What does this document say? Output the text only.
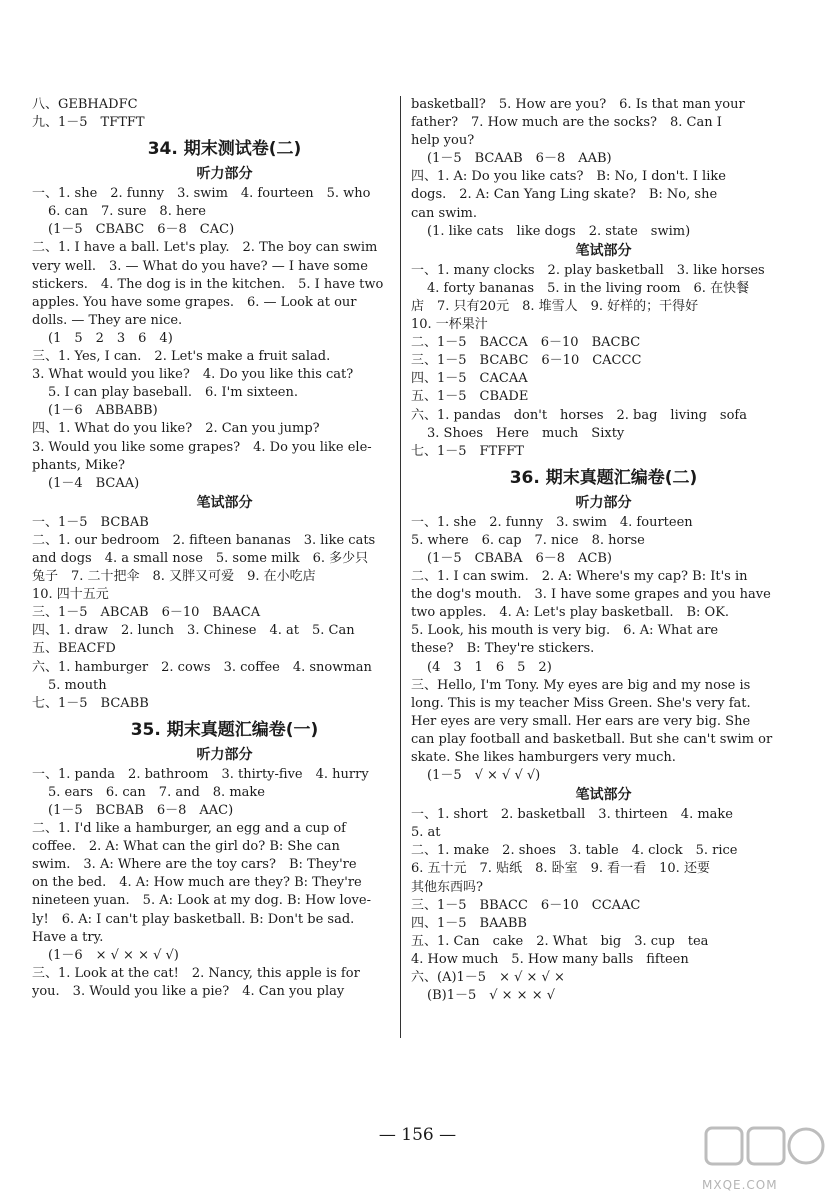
八、GEBHADFC
九、1－5　TFTFT
34. 期末测试卷(二)
听力部分
一、1. she　2. funny　3. swim　4. fourteen　5. who
6. can　7. sure　8. here
(1－5　CBABC　6－8　CAC)
二、1. I have a ball. Let's play.　2. The boy can swim
very well.　3. — What do you have? — I have some
stickers.　4. The dog is in the kitchen.　5. I have two
apples. You have some grapes.　6. — Look at our
dolls. — They are nice.
(1　5　2　3　6　4)
三、1. Yes, I can.　2. Let's make a fruit salad.
3. What would you like?　4. Do you like this cat?
5. I can play baseball.　6. I'm sixteen.
(1－6　ABBABB)
四、1. What do you like?　2. Can you jump?
3. Would you like some grapes?　4. Do you like ele-
phants, Mike?
(1－4　BCAA)
笔试部分
一、1－5　BCBAB
二、1. our bedroom　2. fifteen bananas　3. like cats
and dogs　4. a small nose　5. some milk　6. 多少只
兔子　7. 二十把伞　8. 又胖又可爱　9. 在小吃店
10. 四十五元
三、1－5　ABCAB　6－10　BAACA
四、1. draw　2. lunch　3. Chinese　4. at　5. Can
五、BEACFD
六、1. hamburger　2. cows　3. coffee　4. snowman
5. mouth
七、1－5　BCABB
35. 期末真题汇编卷(一)
听力部分
一、1. panda　2. bathroom　3. thirty-five　4. hurry
5. ears　6. can　7. and　8. make
(1－5　BCBAB　6－8　AAC)
二、1. I'd like a hamburger, an egg and a cup of
coffee.　2. A: What can the girl do? B: She can
swim.　3. A: Where are the toy cars?　B: They're
on the bed.　4. A: How much are they? B: They're
nineteen yuan.　5. A: Look at my dog. B: How love-
ly!　6. A: I can't play basketball. B: Don't be sad.
Have a try.
(1－6　× √ × × √ √)
三、1. Look at the cat!　2. Nancy, this apple is for
you.　3. Would you like a pie?　4. Can you play
basketball?　5. How are you?　6. Is that man your
father?　7. How much are the socks?　8. Can I
help you?
(1－5　BCAAB　6－8　AAB)
四、1. A: Do you like cats?　B: No, I don't. I like
dogs.　2. A: Can Yang Ling skate?　B: No, she
can swim.
(1. like cats　like dogs　2. state　swim)
笔试部分
一、1. many clocks　2. play basketball　3. like horses
4. forty bananas　5. in the living room　6. 在快餐
店　7. 只有20元　8. 堆雪人　9. 好样的；干得好
10. 一杯果汁
二、1－5　BACCA　6－10　BACBC
三、1－5　BCABC　6－10　CACCC
四、1－5　CACAA
五、1－5　CBADE
六、1. pandas　don't　horses　2. bag　living　sofa
3. Shoes　Here　much　Sixty
七、1－5　FTFFT
36. 期末真题汇编卷(二)
听力部分
一、1. she　2. funny　3. swim　4. fourteen
5. where　6. cap　7. nice　8. horse
(1－5　CBABA　6－8　ACB)
二、1. I can swim.　2. A: Where's my cap? B: It's in
the dog's mouth.　3. I have some grapes and you have
two apples.　4. A: Let's play basketball.　B: OK.
5. Look, his mouth is very big.　6. A: What are
these?　B: They're stickers.
(4　3　1　6　5　2)
三、Hello, I'm Tony. My eyes are big and my nose is
long. This is my teacher Miss Green. She's very fat.
Her eyes are very small. Her ears are very big. She
can play football and basketball. But she can't swim or
skate. She likes hamburgers very much.
(1－5　√ × √ √ √)
笔试部分
一、1. short　2. basketball　3. thirteen　4. make
5. at
二、1. make　2. shoes　3. table　4. clock　5. rice
6. 五十元　7. 贴纸　8. 卧室　9. 看一看　10. 还要
其他东西吗?
三、1－5　BBACC　6－10　CCAAC
四、1－5　BAABB
五、1. Can　cake　2. What　big　3. cup　tea
4. How much　5. How many balls　fifteen
六、(A)1－5　× √ × √ ×
(B)1－5　√ × × × √
— 156 —
MXQE.COM
